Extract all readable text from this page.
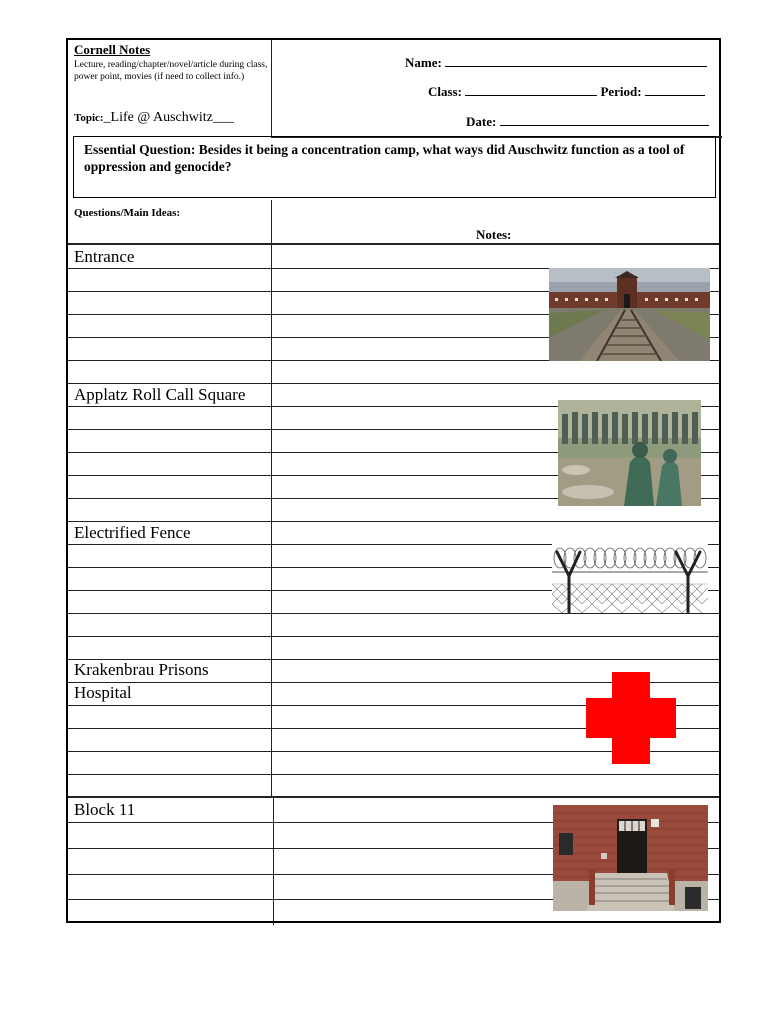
Cornell Notes
Lecture, reading/chapter/novel/article during class, power point, movies (if need to collect info.)
Topic:_Life @ Auschwitz___
Name:
Class:	Period:
Date:
Essential Question: Besides it being a concentration camp, what ways did Auschwitz function as a tool of oppression and genocide?
Questions/Main Ideas:
Notes:
Entrance
Applatz Roll Call Square
Electrified Fence
Krakenbrau Prisons
Hospital
Block 11
